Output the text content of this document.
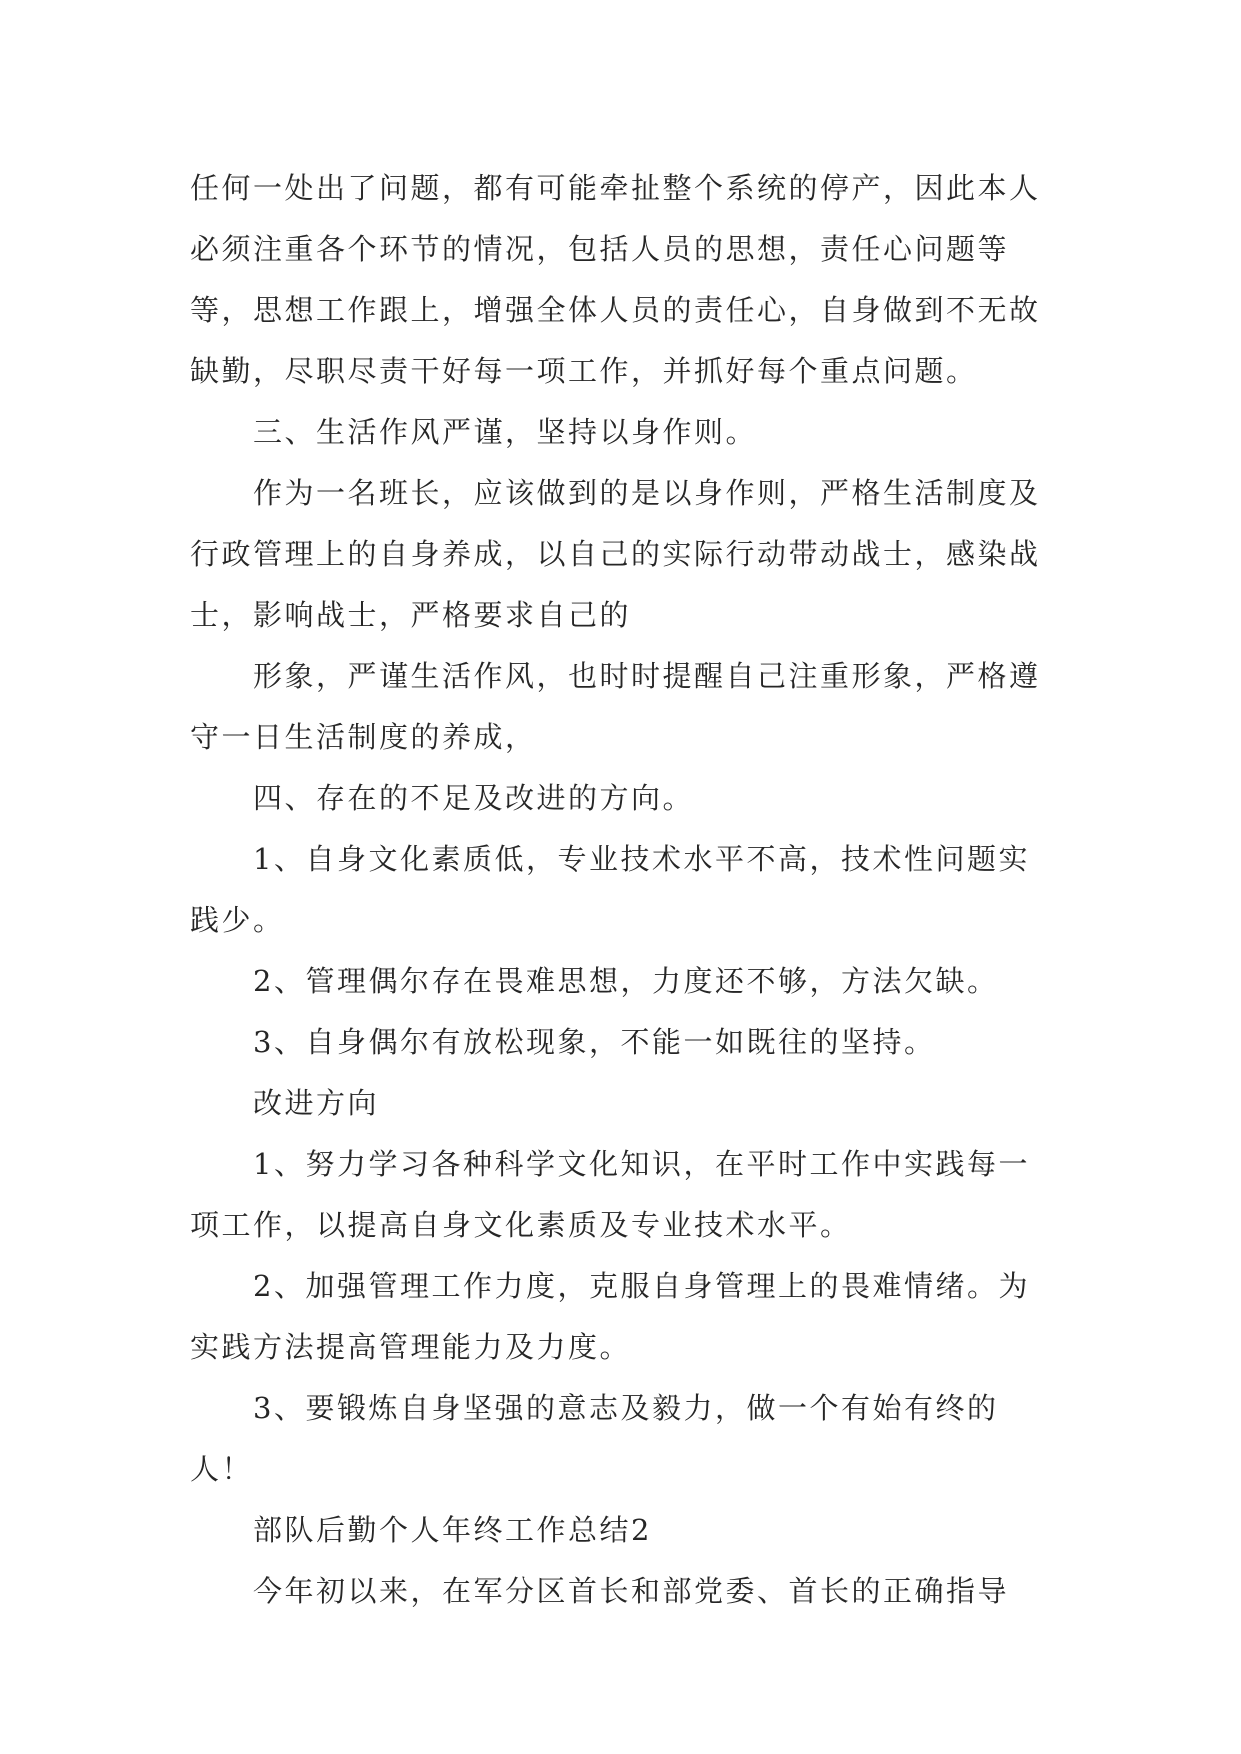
任何一处出了问题，都有可能牵扯整个系统的停产，因此本人必须注重各个环节的情况，包括人员的思想，责任心问题等等，思想工作跟上，增强全体人员的责任心，自身做到不无故缺勤，尽职尽责干好每一项工作，并抓好每个重点问题。

三、生活作风严谨，坚持以身作则。

作为一名班长，应该做到的是以身作则，严格生活制度及行政管理上的自身养成，以自己的实际行动带动战士，感染战士，影响战士，严格要求自己的

形象，严谨生活作风，也时时提醒自己注重形象，严格遵守一日生活制度的养成，

四、存在的不足及改进的方向。

1、自身文化素质低，专业技术水平不高，技术性问题实践少。

2、管理偶尔存在畏难思想，力度还不够，方法欠缺。

3、自身偶尔有放松现象，不能一如既往的坚持。

改进方向

1、努力学习各种科学文化知识，在平时工作中实践每一项工作，以提高自身文化素质及专业技术水平。

2、加强管理工作力度，克服自身管理上的畏难情绪。为实践方法提高管理能力及力度。

3、要锻炼自身坚强的意志及毅力，做一个有始有终的人！

部队后勤个人年终工作总结2

今年初以来，在军分区首长和部党委、首长的正确指导
